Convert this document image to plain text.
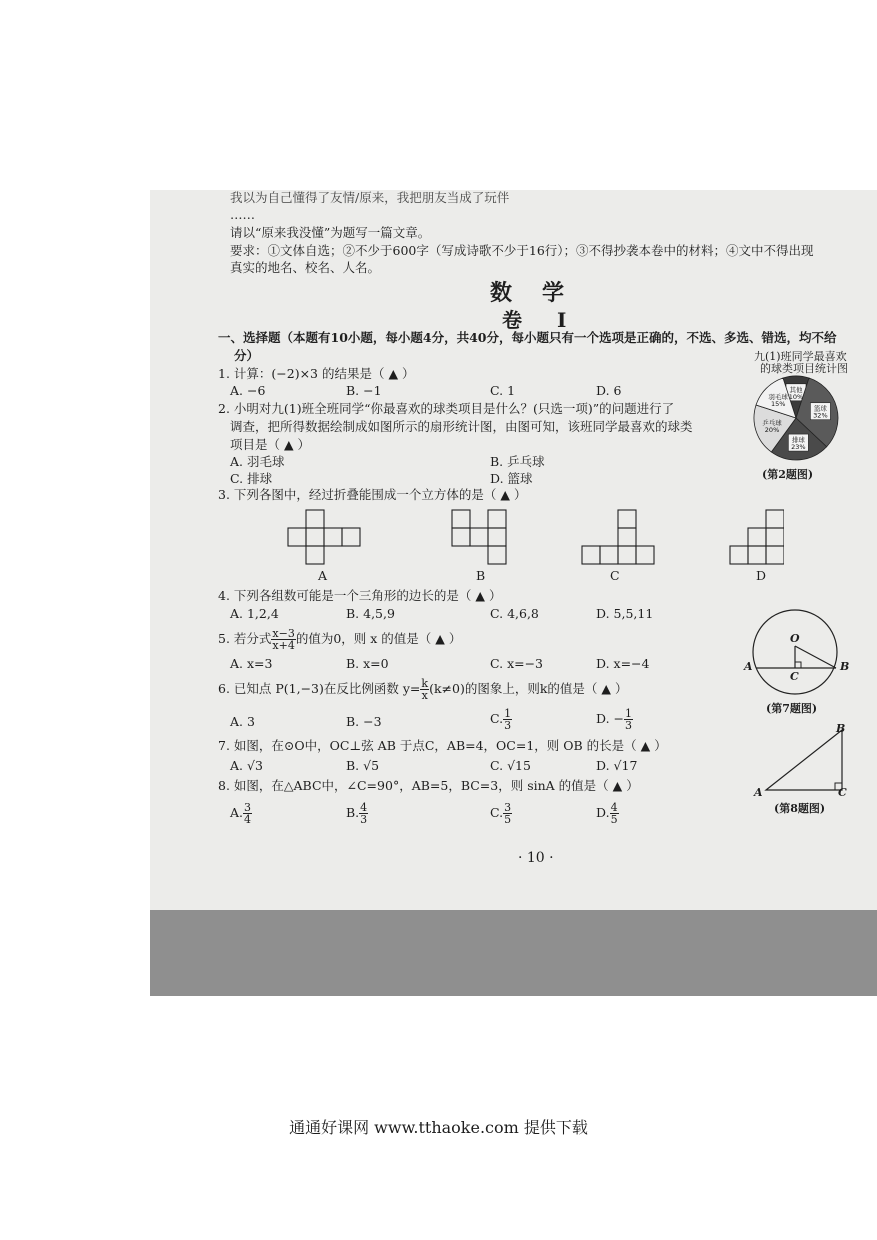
我以为自己懂得了友情/原来，我把朋友当成了玩伴
……
请以“原来我没懂”为题写一篇文章。
要求：①文体自选；②不少于600字（写成诗歌不少于16行）；③不得抄袭本卷中的材料；④文中不得出现
真实的地名、校名、人名。
数学
卷 Ⅰ
一、选择题（本题有10小题，每小题4分，共40分，每小题只有一个选项是正确的，不选、多选、错选，均不给
分）
1. 计算：(−2)×3 的结果是（ ▲ ）
A. −6	B. −1	C. 1	D. 6
2. 小明对九(1)班全班同学“你最喜欢的球类项目是什么？(只选一项)”的问题进行了
调查，把所得数据绘制成如图所示的扇形统计图，由图可知，该班同学最喜欢的球类
项目是（ ▲ ）
A. 羽毛球	B. 乒乓球
C. 排球	D. 篮球
九(1)班同学最喜欢
的球类项目统计图
其他
10%
篮球
32%
排球
23%
乒乓球
20%
羽毛球
15%
(第2题图)
3. 下列各图中，经过折叠能围成一个立方体的是（ ▲ ）
A	B	C	D
4. 下列各组数可能是一个三角形的边长的是（ ▲ ）
A. 1,2,4	B. 4,5,9	C. 4,6,8	D. 5,5,11
5. 若分式 $\frac{x-3}{x+4}$ 的值为0，则 x 的值是（ ▲ ）
A. x=3	B. x=0	C. x=−3	D. x=−4
6. 已知点 P(1,−3)在反比例函数 $y= \frac{k}{x} (k\ne 0)$的图象上，则k的值是（ ▲ ）
A. 3	B. −3	C. $\frac{1}{3}$	D. − $\frac{1}{3}$
O
A	B
C
(第7题图)
7. 如图，在⊙O中，OC⊥弦 AB 于点C，AB=4，OC=1，则 OB 的长是（ ▲ ）
A. √3	B. √5	C. √15	D. √17
B
A	C
(第8题图)
8. 如图，在△ABC中，∠C=90°，AB=5，BC=3，则 sinA 的值是（ ▲ ）
A. $\frac{3}{4}$	B. $\frac{4}{3}$	C. $\frac{3}{5}$	D. $\frac{4}{5}$
· 10 ·
通通好课网 www.tthaoke.com 提供下载
